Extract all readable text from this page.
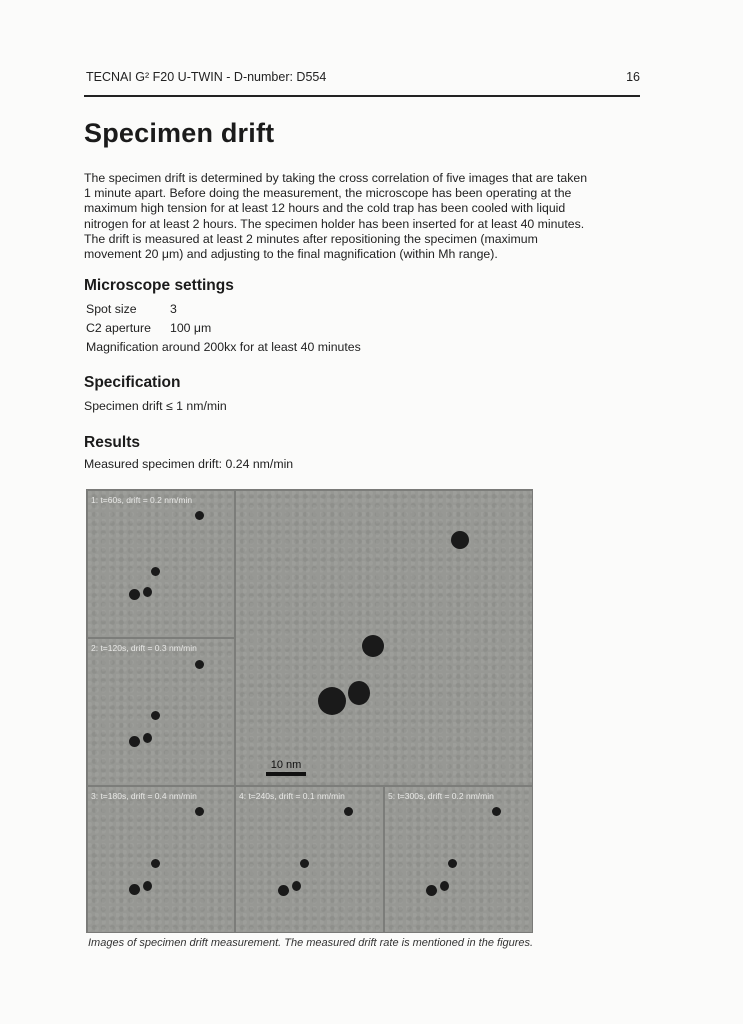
TECNAI G² F20 U-TWIN - D-number: D554	16
Specimen drift
The specimen drift is determined by taking the cross correlation of five images that are taken
1 minute apart. Before doing the measurement, the microscope has been operating at the
maximum high tension for at least 12 hours and the cold trap has been cooled with liquid
nitrogen for at least 2 hours. The specimen holder has been inserted for at least 40 minutes.
The drift is measured at least 2 minutes after repositioning the specimen (maximum
movement 20 μm) and adjusting to the final magnification (within Mh range).
Microscope settings
Spot size	3
C2 aperture 100 μm
Magnification around 200kx for at least 40 minutes
Specification
Specimen drift ≤ 1 nm/min
Results
Measured specimen drift: 0.24 nm/min
1: t=60s, drift = 0.2 nm/min
2: t=120s, drift = 0.3 nm/min
10 nm
3: t=180s, drift = 0.4 nm/min	4: t=240s, drift = 0.1 nm/min	5: t=300s, drift = 0.2 nm/min
Images of specimen drift measurement. The measured drift rate is mentioned in the figures.
